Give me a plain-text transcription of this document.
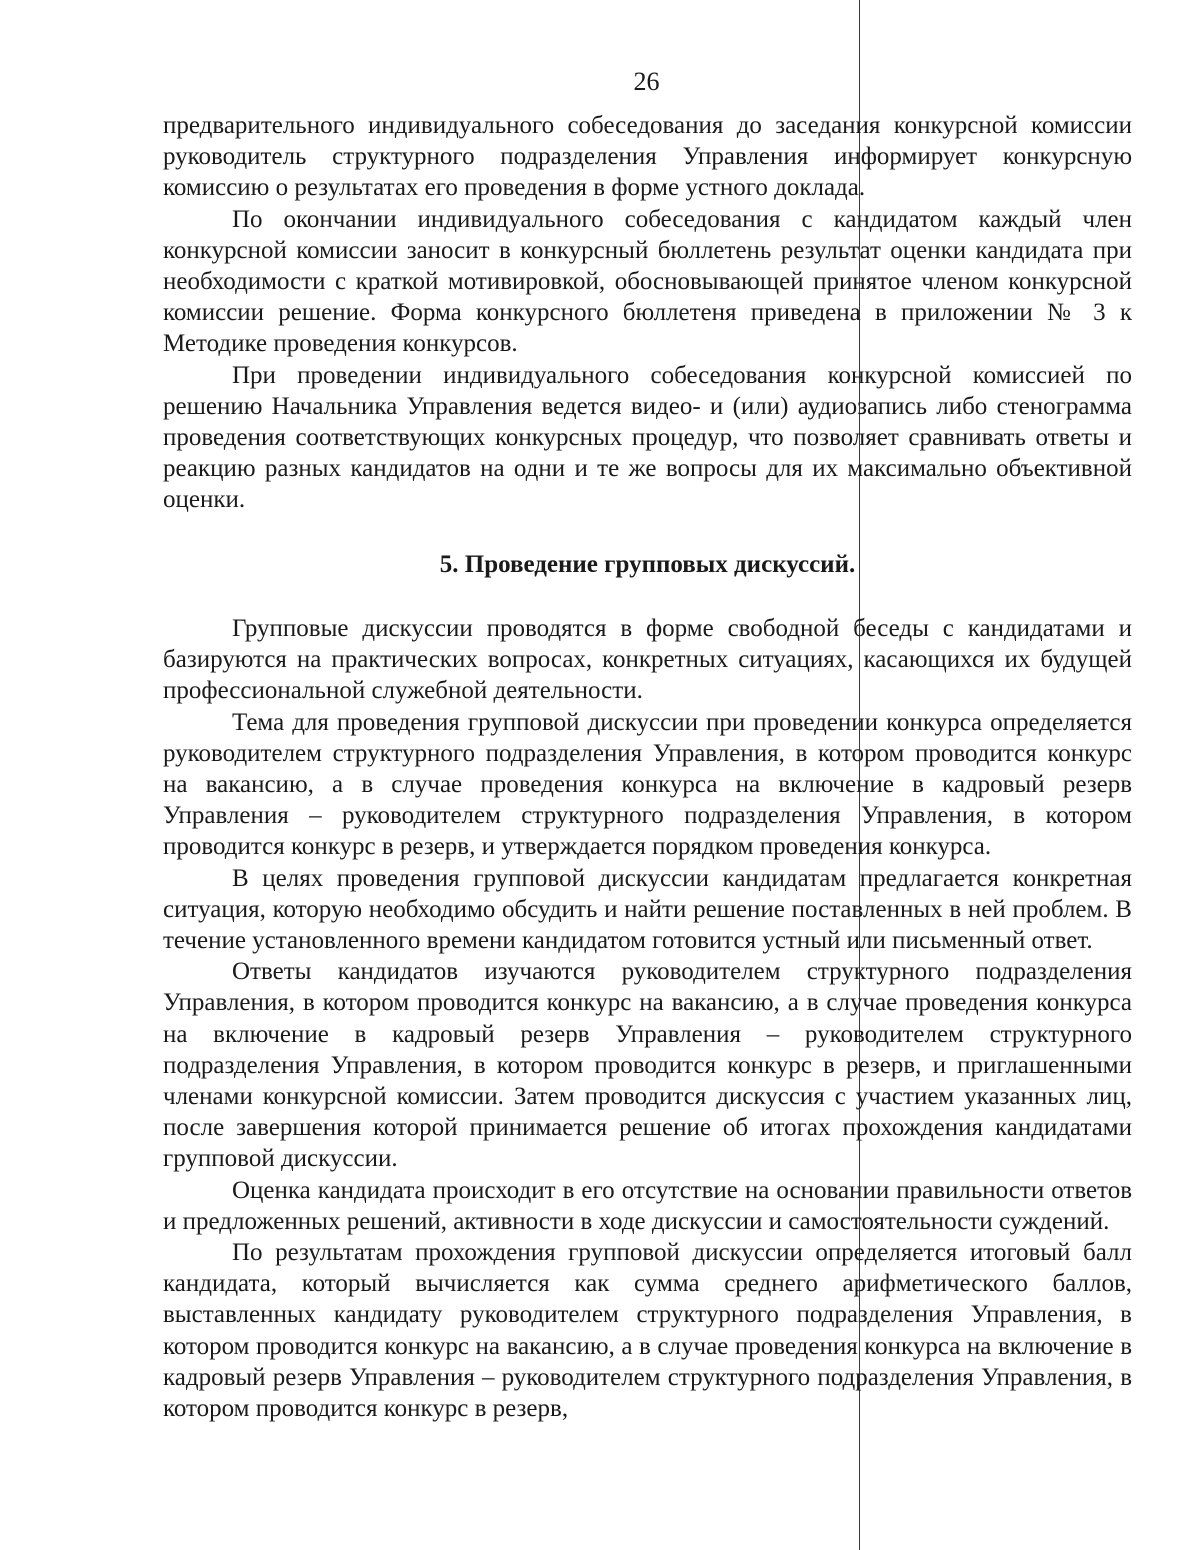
26

предварительного индивидуального собеседования до заседания конкурсной комиссии руководитель структурного подразделения Управления информирует конкурсную комиссию о результатах его проведения в форме устного доклада.

По окончании индивидуального собеседования с кандидатом каждый член конкурсной комиссии заносит в конкурсный бюллетень результат оценки кандидата при необходимости с краткой мотивировкой, обосновывающей принятое членом конкурсной комиссии решение. Форма конкурсного бюллетеня приведена в приложении № 3 к Методике проведения конкурсов.

При проведении индивидуального собеседования конкурсной комиссией по решению Начальника Управления ведется видео- и (или) аудиозапись либо стенограмма проведения соответствующих конкурсных процедур, что позволяет сравнивать ответы и реакцию разных кандидатов на одни и те же вопросы для их максимально объективной оценки.

5. Проведение групповых дискуссий.

Групповые дискуссии проводятся в форме свободной беседы с кандидатами и базируются на практических вопросах, конкретных ситуациях, касающихся их будущей профессиональной служебной деятельности.

Тема для проведения групповой дискуссии при проведении конкурса определяется руководителем структурного подразделения Управления, в котором проводится конкурс на вакансию, а в случае проведения конкурса на включение в кадровый резерв Управления – руководителем структурного подразделения Управления, в котором проводится конкурс в резерв, и утверждается порядком проведения конкурса.

В целях проведения групповой дискуссии кандидатам предлагается конкретная ситуация, которую необходимо обсудить и найти решение поставленных в ней проблем. В течение установленного времени кандидатом готовится устный или письменный ответ.

Ответы кандидатов изучаются руководителем структурного подразделения Управления, в котором проводится конкурс на вакансию, а в случае проведения конкурса на включение в кадровый резерв Управления – руководителем структурного подразделения Управления, в котором проводится конкурс в резерв, и приглашенными членами конкурсной комиссии. Затем проводится дискуссия с участием указанных лиц, после завершения которой принимается решение об итогах прохождения кандидатами групповой дискуссии.

Оценка кандидата происходит в его отсутствие на основании правильности ответов и предложенных решений, активности в ходе дискуссии и самостоятельности суждений.

По результатам прохождения групповой дискуссии определяется итоговый балл кандидата, который вычисляется как сумма среднего арифметического баллов, выставленных кандидату руководителем структурного подразделения Управления, в котором проводится конкурс на вакансию, а в случае проведения конкурса на включение в кадровый резерв Управления – руководителем структурного подразделения Управления, в котором проводится конкурс в резерв,
